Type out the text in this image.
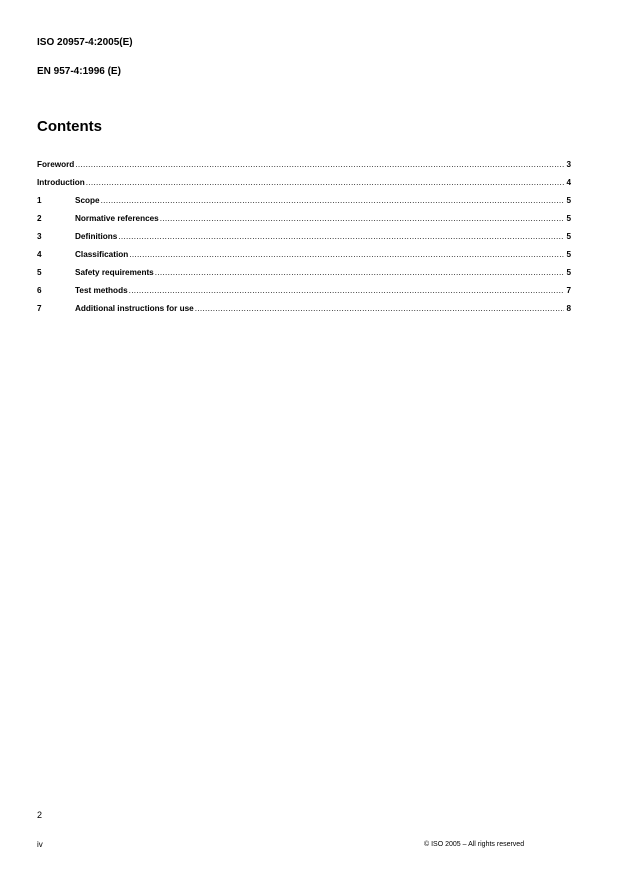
ISO 20957-4:2005(E)
EN 957-4:1996 (E)
Contents
Foreword .....	3
Introduction .....	4
1	Scope .....	5
2	Normative references .....	5
3	Definitions .....	5
4	Classification .....	5
5	Safety requirements .....	5
6	Test methods .....	7
7	Additional instructions for use .....	8
2
iv	© ISO 2005 – All rights reserved
